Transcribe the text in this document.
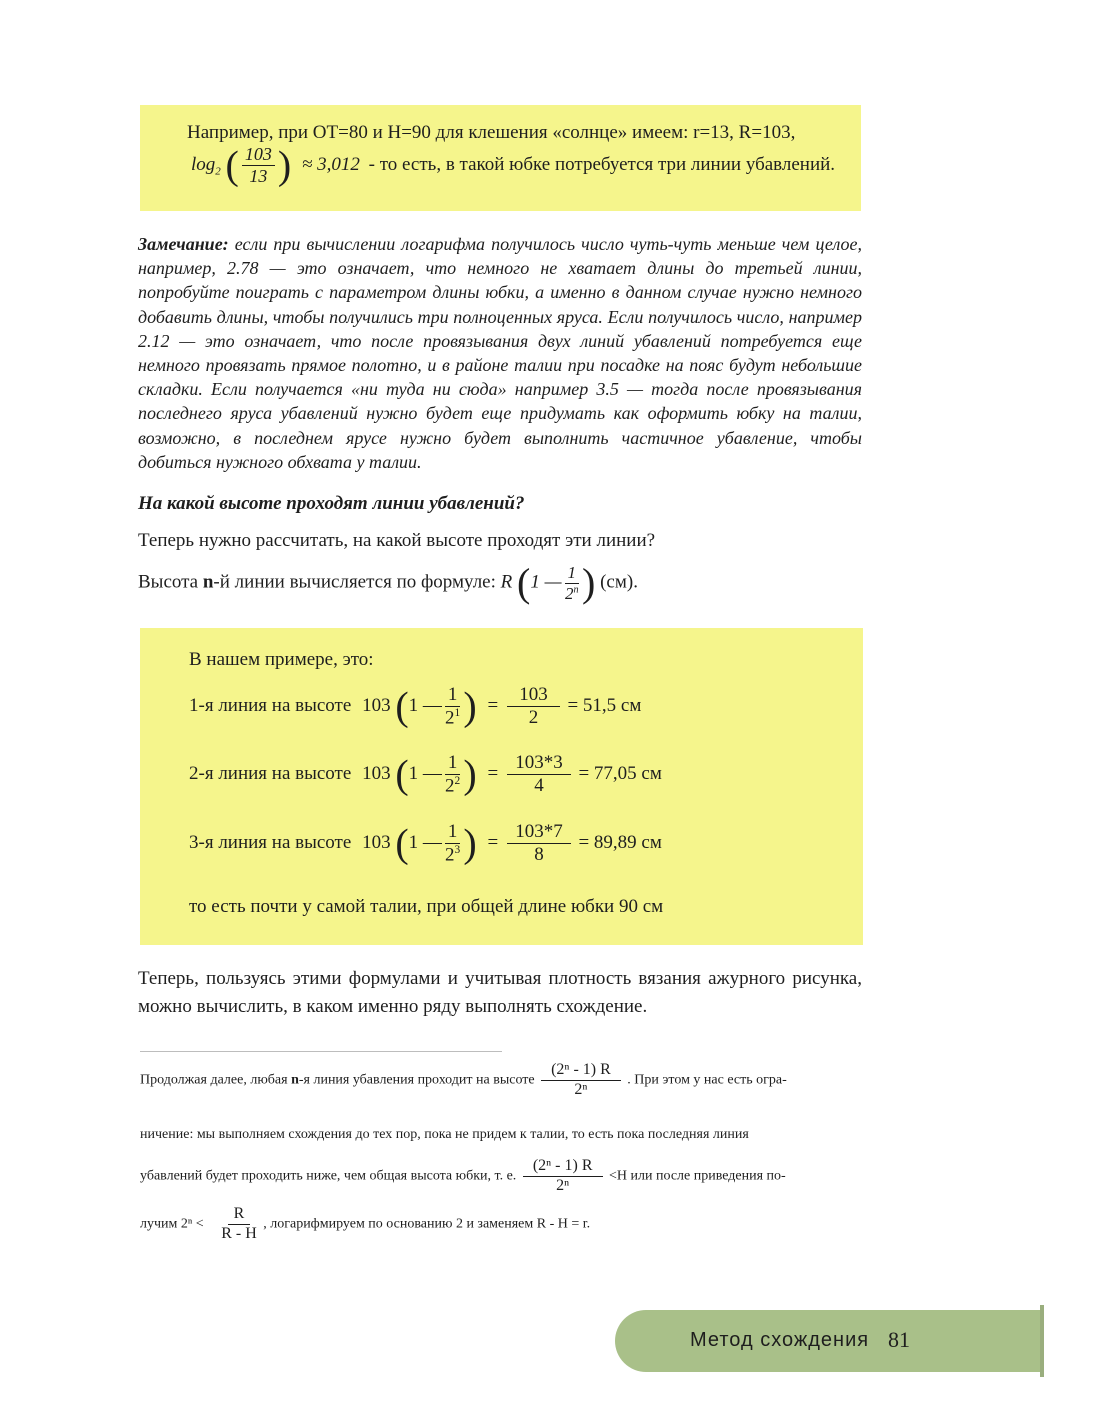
Например, при ОТ=80 и Н=90 для клешения «солнце» имеем: r=13, R=103,
$\log_2$ ( $\frac{103}{13}$ ) ≈ 3,012 - то есть, в такой юбке потребуется три линии убавлений.
Замечание: если при вычислении логарифма получилось число чуть-чуть меньше чем целое, например, 2.78 — это означает, что немного не хватает длины до третьей линии, попробуйте поиграть с параметром длины юбки, а именно в данном случае нужно немного добавить длины, чтобы получились три полноценных яруса. Если получилось число, например 2.12 — это означает, что после провязывания двух линий убавлений потребуется еще немного провязать прямое полотно, и в районе талии при посадке на пояс будут небольшие складки. Если получается «ни туда ни сюда» например 3.5 — тогда после провязывания последнего яруса убавлений нужно будет еще придумать как оформить юбку на талии, возможно, в последнем ярусе нужно будет выполнить частичное убавление, чтобы добиться нужного обхвата у талии.
На какой высоте проходят линии убавлений?
Теперь нужно рассчитать, на какой высоте проходят эти линии?
Высота n-й линии вычисляется по формуле: R (1 — $\frac{1}{2^n}$ ) (см).
В нашем примере, это:
1-я линия на высоте 103 (1 — $\frac{1}{2^1}$ ) = $\frac{103}{2} = 51,5$ см
2-я линия на высоте 103 (1 — $\frac{1}{2^2}$ ) = $\frac{103*3}{4} = 77,05$ см
3-я линия на высоте 103 (1 — $\frac{1}{2^3}$ ) = $\frac{103*7}{8} = 89,89$ см
то есть почти у самой талии, при общей длине юбки 90 см
Теперь, пользуясь этими формулами и учитывая плотность вязания ажурного рисунка, можно вычислить, в каком именно ряду выполнять схождение.
Продолжая далее, любая n-я линия убавления проходит на высоте $\frac{\text{(2ⁿ - 1) R}}{\text{2ⁿ}}$ . При этом у нас есть огра-
ничение: мы выполняем схождения до тех пор, пока не придем к талии, то есть пока последняя линия
убавлений будет проходить ниже, чем общая высота юбки, т. е. $\frac{\text{(2ⁿ - 1) R}}{\text{2ⁿ}} <H$ или после приведения по-
лучим $2^n < \frac{R}{R - H}$ , логарифмируем по основанию 2 и заменяем R - H = r.
Метод схождения 81
